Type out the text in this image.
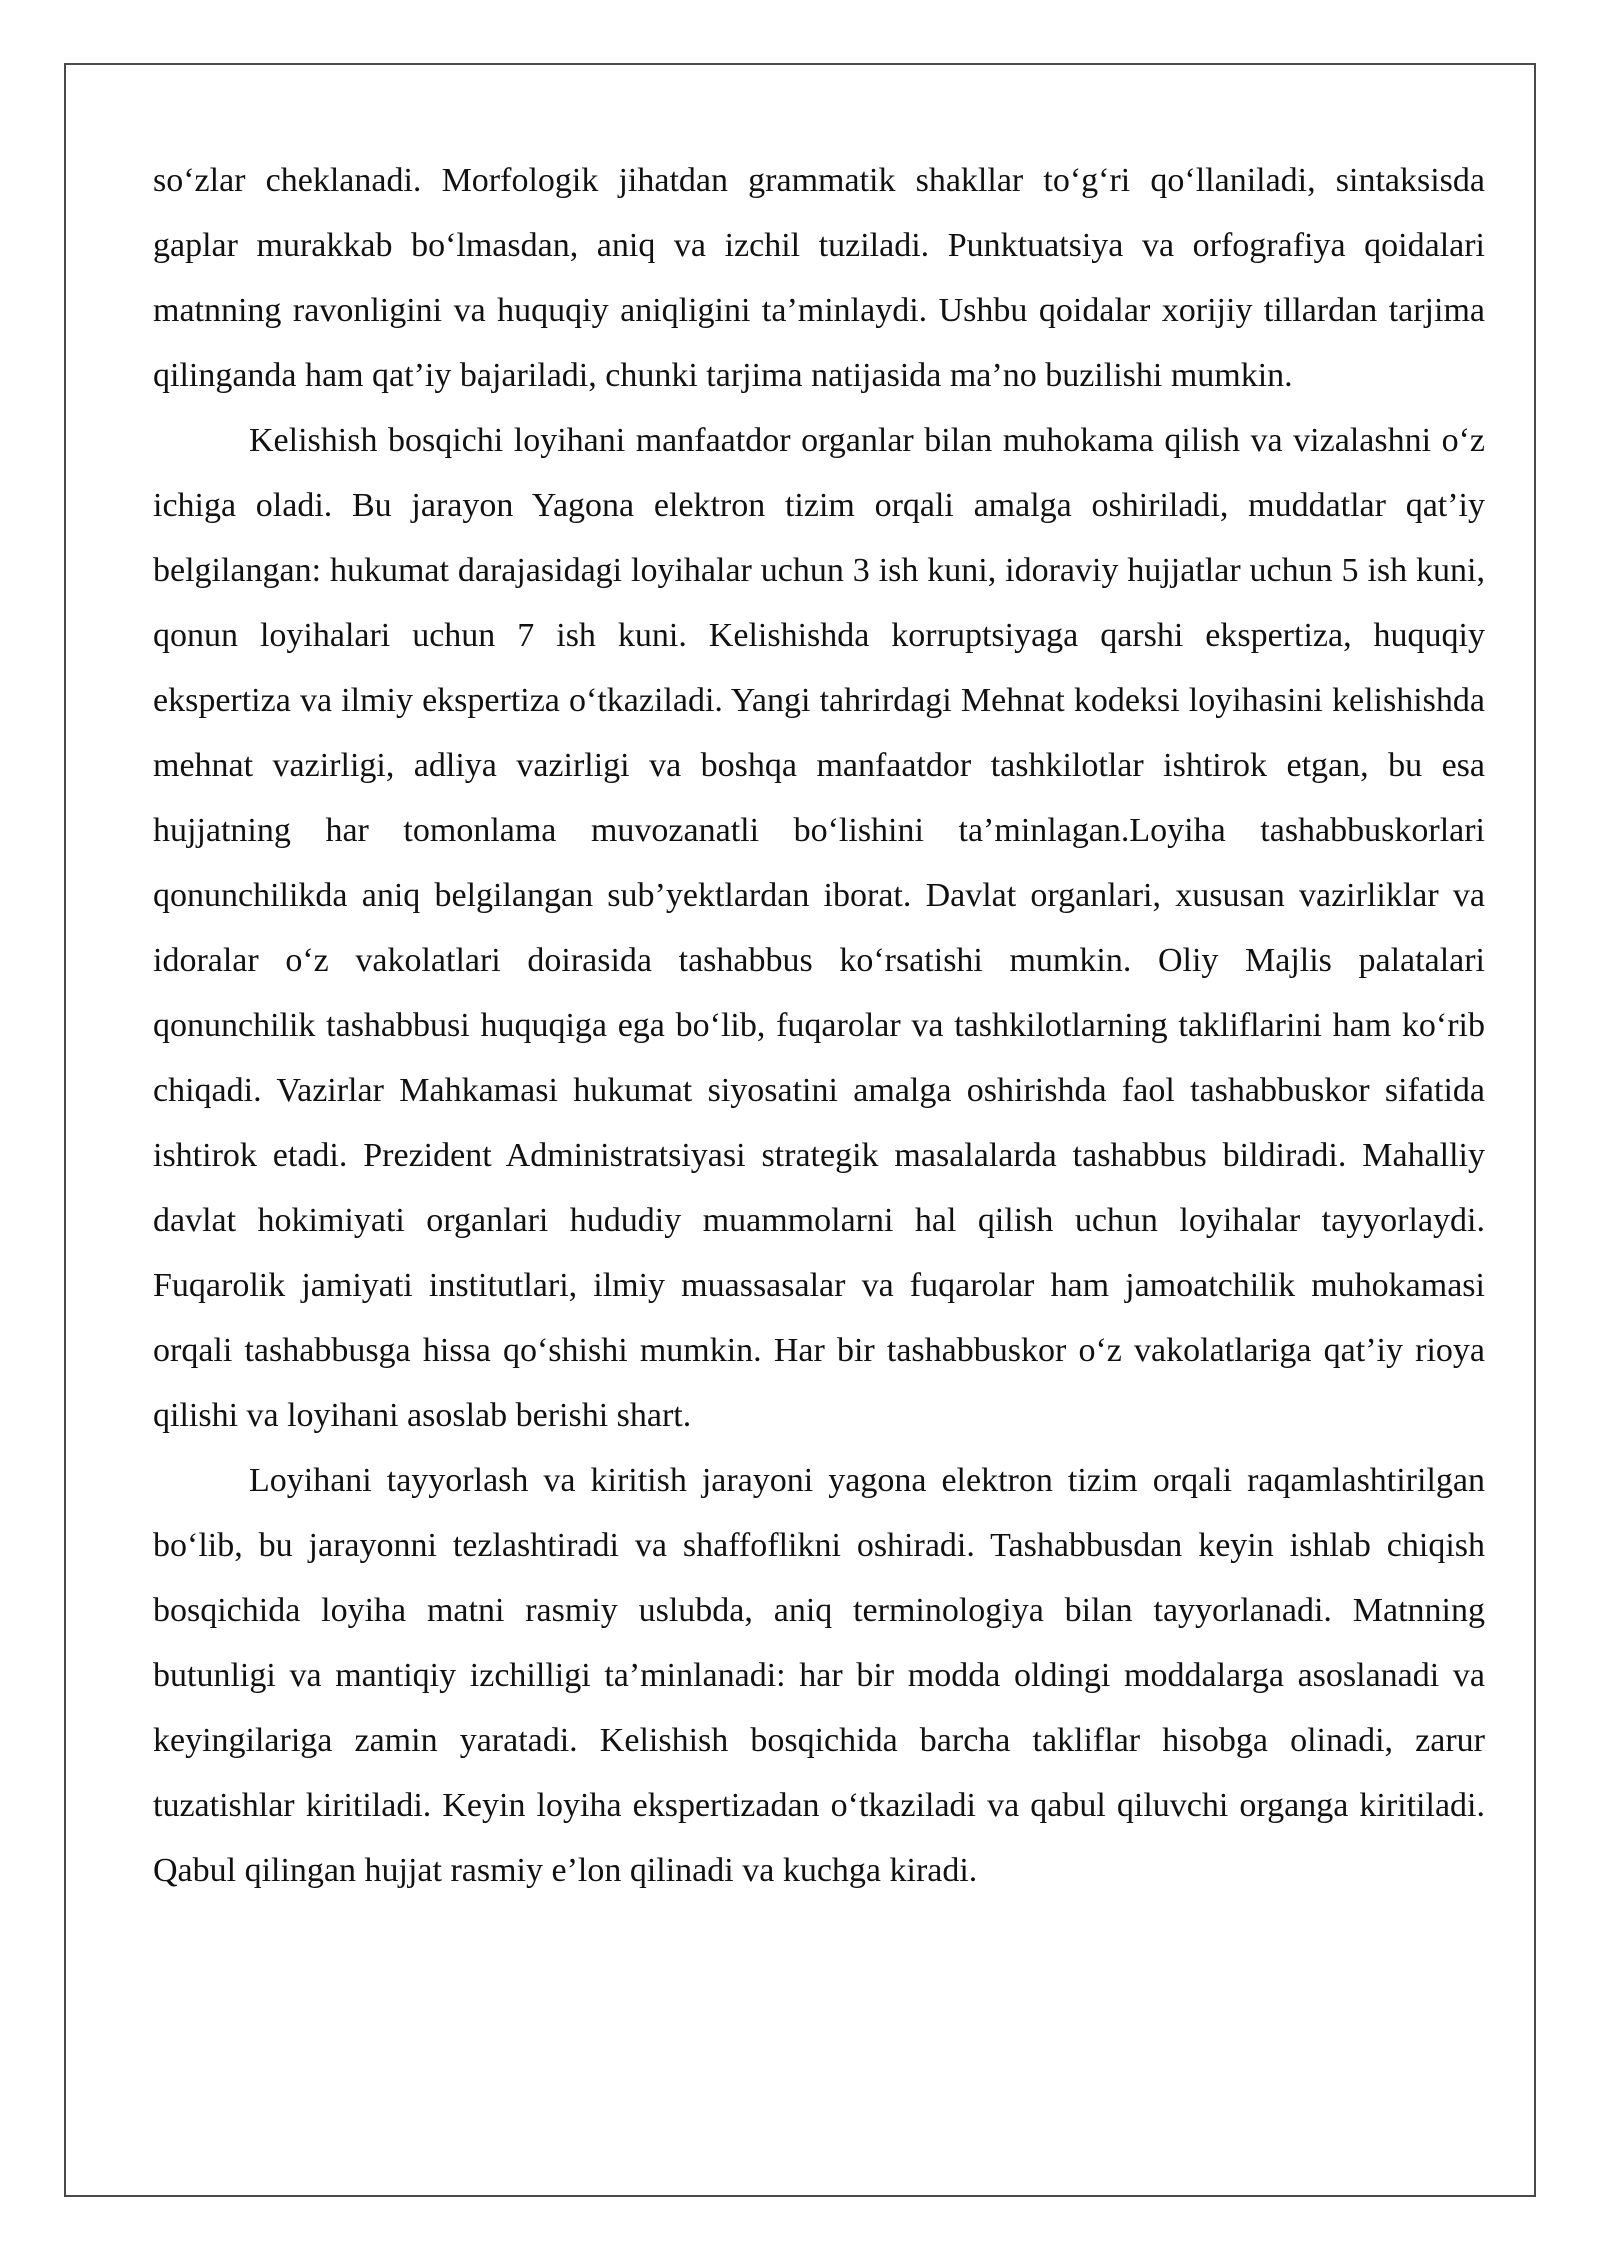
so‘zlar cheklanadi. Morfologik jihatdan grammatik shakllar to‘g‘ri qo‘llaniladi, sintaksisda gaplar murakkab bo‘lmasdan, aniq va izchil tuziladi. Punktuatsiya va orfografiya qoidalari matnning ravonligini va huquqiy aniqligini ta’minlaydi. Ushbu qoidalar xorijiy tillardan tarjima qilinganda ham qat’iy bajariladi, chunki tarjima natijasida ma’no buzilishi mumkin.

Kelishish bosqichi loyihani manfaatdor organlar bilan muhokama qilish va vizalashni o‘z ichiga oladi. Bu jarayon Yagona elektron tizim orqali amalga oshiriladi, muddatlar qat’iy belgilangan: hukumat darajasidagi loyihalar uchun 3 ish kuni, idoraviy hujjatlar uchun 5 ish kuni, qonun loyihalari uchun 7 ish kuni. Kelishishda korruptsiyaga qarshi ekspertiza, huquqiy ekspertiza va ilmiy ekspertiza o‘tkaziladi. Yangi tahrirdagi Mehnat kodeksi loyihasini kelishishda mehnat vazirligi, adliya vazirligi va boshqa manfaatdor tashkilotlar ishtirok etgan, bu esa hujjatning har tomonlama muvozanatli bo‘lishini ta’minlagan.Loyiha tashabbuskorlari qonunchilikda aniq belgilangan sub’yektlardan iborat. Davlat organlari, xususan vazirliklar va idoralar o‘z vakolatlari doirasida tashabbus ko‘rsatishi mumkin. Oliy Majlis palatalari qonunchilik tashabbusi huquqiga ega bo‘lib, fuqarolar va tashkilotlarning takliflarini ham ko‘rib chiqadi. Vazirlar Mahkamasi hukumat siyosatini amalga oshirishda faol tashabbuskor sifatida ishtirok etadi. Prezident Administratsiyasi strategik masalalarda tashabbus bildiradi. Mahalliy davlat hokimiyati organlari hududiy muammolarni hal qilish uchun loyihalar tayyorlaydi. Fuqarolik jamiyati institutlari, ilmiy muassasalar va fuqarolar ham jamoatchilik muhokamasi orqali tashabbusga hissa qo‘shishi mumkin. Har bir tashabbuskor o‘z vakolatlariga qat’iy rioya qilishi va loyihani asoslab berishi shart.

Loyihani tayyorlash va kiritish jarayoni yagona elektron tizim orqali raqamlashtirilgan bo‘lib, bu jarayonni tezlashtiradi va shaffoflikni oshiradi. Tashabbusdan keyin ishlab chiqish bosqichida loyiha matni rasmiy uslubda, aniq terminologiya bilan tayyorlanadi. Matnning butunligi va mantiqiy izchilligi ta’minlanadi: har bir modda oldingi moddalarga asoslanadi va keyingilariga zamin yaratadi. Kelishish bosqichida barcha takliflar hisobga olinadi, zarur tuzatishlar kiritiladi. Keyin loyiha ekspertizadan o‘tkaziladi va qabul qiluvchi organga kiritiladi. Qabul qilingan hujjat rasmiy e’lon qilinadi va kuchga kiradi.
